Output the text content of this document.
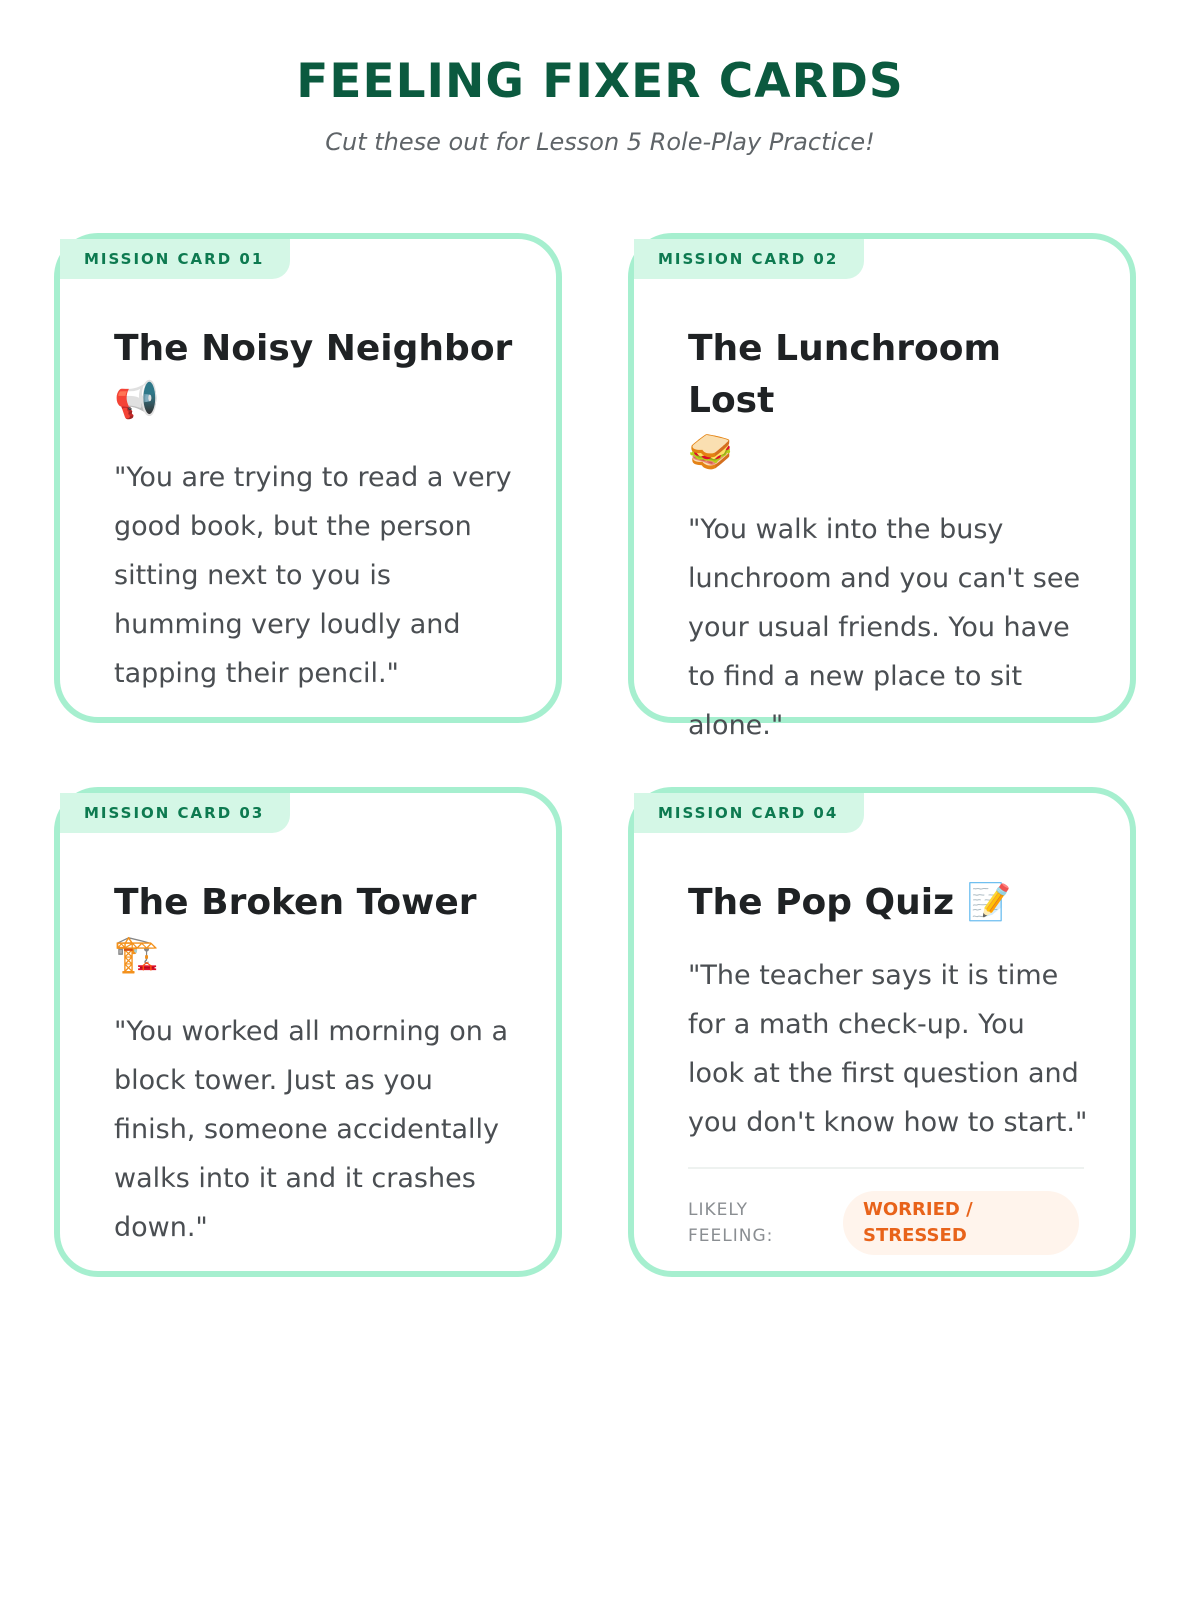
FEELING FIXER CARDS

Cut these out for Lesson 5 Role-Play Practice!

MISSION CARD 01
The Noisy Neighbor
📢

"You are trying to read a very good book, but the person sitting next to you is humming very loudly and tapping their pencil."

MISSION CARD 02
The Lunchroom Lost
🥪

"You walk into the busy lunchroom and you can't see your usual friends. You have to find a new place to sit alone."

MISSION CARD 03
The Broken Tower
🏗️

"You worked all morning on a block tower. Just as you finish, someone accidentally walks into it and it crashes down."

MISSION CARD 04
The Pop Quiz 📝

"The teacher says it is time for a math check-up. You look at the first question and you don't know how to start."

LIKELY FEELING:
WORRIED / STRESSED
